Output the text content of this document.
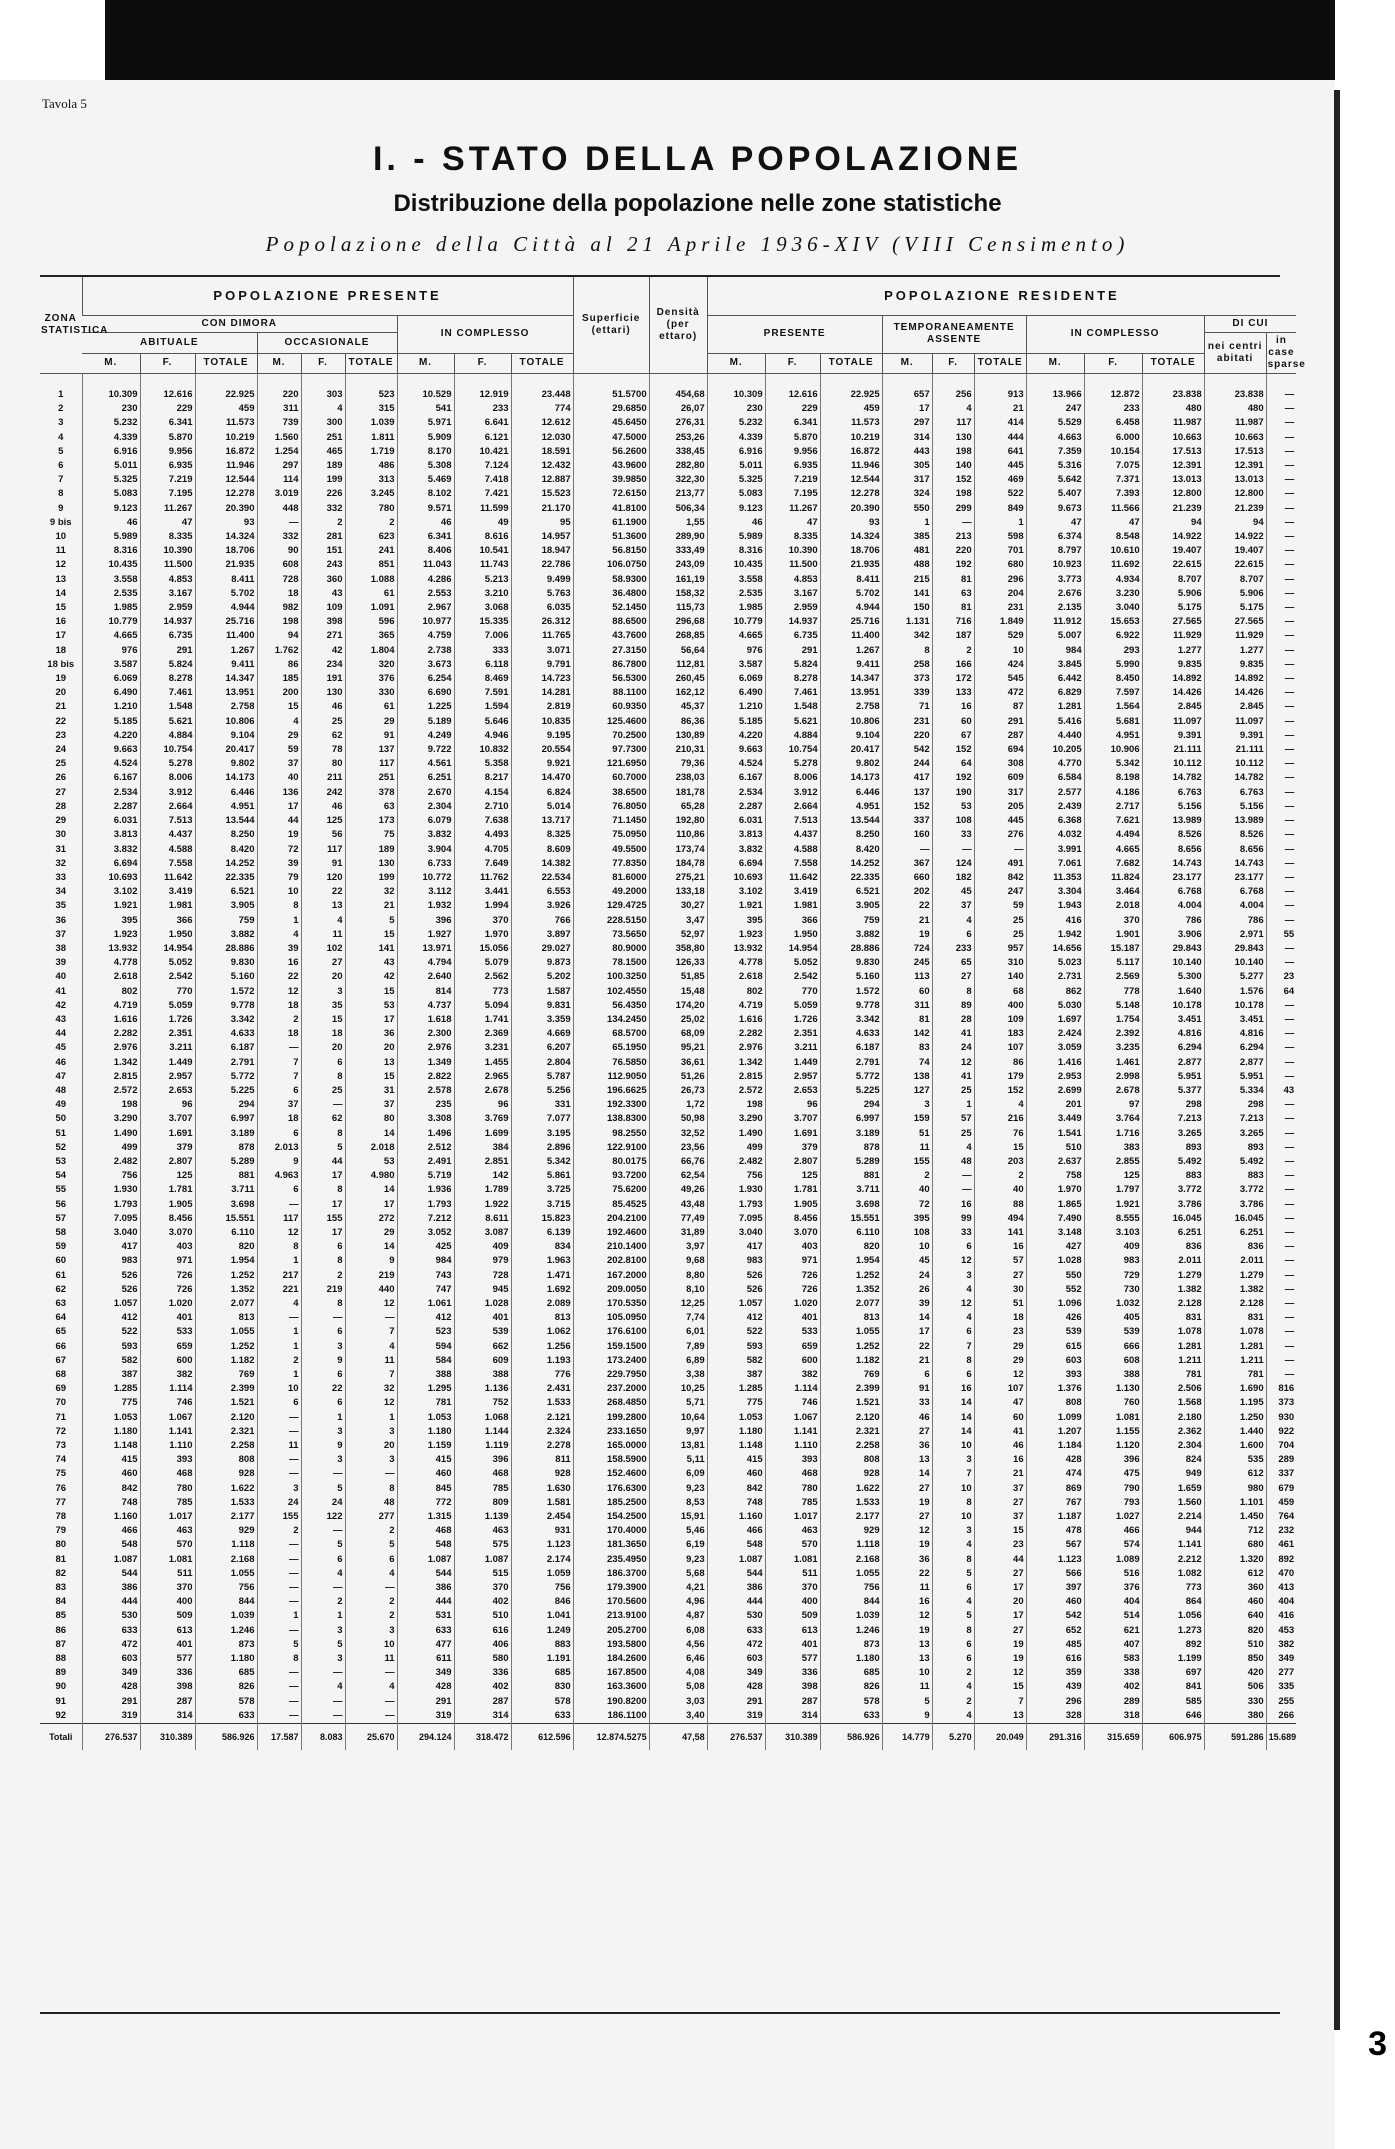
Tavola 5
I. - STATO DELLA POPOLAZIONE
Distribuzione della popolazione nelle zone statistiche
Popolazione della Città al 21 Aprile 1936-XIV (VIII Censimento)
ZONA STATISTICA	POPOLAZIONE PRESENTE									Superficie (ettari)	Densità (per ettaro)	POPOLAZIONE RESIDENTE										
	CON DIMORA						IN COMPLESSO					PRESENTE			TEMPORANEAMENTE ASSENTE			IN COMPLESSO			DI CUI	
	ABITUALE			OCCASIONALE																	nei centri abitati	in case sparse
	M.	F.	TOTALE	M.	F.	TOTALE	M.	F.	TOTALE			M.	F.	TOTALE	M.	F.	TOTALE	M.	F.	TOTALE		
1	10.309	12.616	22.925	220	303	523	10.529	12.919	23.448	51.5700	454,68	10.309	12.616	22.925	657	256	913	13.966	12.872	23.838	23.838	—
2	230	229	459	311	4	315	541	233	774	29.6850	26,07	230	229	459	17	4	21	247	233	480	480	—
3	5.232	6.341	11.573	739	300	1.039	5.971	6.641	12.612	45.6450	276,31	5.232	6.341	11.573	297	117	414	5.529	6.458	11.987	11.987	—
4	4.339	5.870	10.219	1.560	251	1.811	5.909	6.121	12.030	47.5000	253,26	4.339	5.870	10.219	314	130	444	4.663	6.000	10.663	10.663	—
5	6.916	9.956	16.872	1.254	465	1.719	8.170	10.421	18.591	56.2600	338,45	6.916	9.956	16.872	443	198	641	7.359	10.154	17.513	17.513	—
6	5.011	6.935	11.946	297	189	486	5.308	7.124	12.432	43.9600	282,80	5.011	6.935	11.946	305	140	445	5.316	7.075	12.391	12.391	—
7	5.325	7.219	12.544	114	199	313	5.469	7.418	12.887	39.9850	322,30	5.325	7.219	12.544	317	152	469	5.642	7.371	13.013	13.013	—
8	5.083	7.195	12.278	3.019	226	3.245	8.102	7.421	15.523	72.6150	213,77	5.083	7.195	12.278	324	198	522	5.407	7.393	12.800	12.800	—
9	9.123	11.267	20.390	448	332	780	9.571	11.599	21.170	41.8100	506,34	9.123	11.267	20.390	550	299	849	9.673	11.566	21.239	21.239	—
9 bis	46	47	93	—	2	2	46	49	95	61.1900	1,55	46	47	93	1	—	1	47	47	94	94	—
10	5.989	8.335	14.324	332	281	623	6.341	8.616	14.957	51.3600	289,90	5.989	8.335	14.324	385	213	598	6.374	8.548	14.922	14.922	—
11	8.316	10.390	18.706	90	151	241	8.406	10.541	18.947	56.8150	333,49	8.316	10.390	18.706	481	220	701	8.797	10.610	19.407	19.407	—
12	10.435	11.500	21.935	608	243	851	11.043	11.743	22.786	106.0750	243,09	10.435	11.500	21.935	488	192	680	10.923	11.692	22.615	22.615	—
13	3.558	4.853	8.411	728	360	1.088	4.286	5.213	9.499	58.9300	161,19	3.558	4.853	8.411	215	81	296	3.773	4.934	8.707	8.707	—
14	2.535	3.167	5.702	18	43	61	2.553	3.210	5.763	36.4800	158,32	2.535	3.167	5.702	141	63	204	2.676	3.230	5.906	5.906	—
15	1.985	2.959	4.944	982	109	1.091	2.967	3.068	6.035	52.1450	115,73	1.985	2.959	4.944	150	81	231	2.135	3.040	5.175	5.175	—
16	10.779	14.937	25.716	198	398	596	10.977	15.335	26.312	88.6500	296,68	10.779	14.937	25.716	1.131	716	1.849	11.912	15.653	27.565	27.565	—
17	4.665	6.735	11.400	94	271	365	4.759	7.006	11.765	43.7600	268,85	4.665	6.735	11.400	342	187	529	5.007	6.922	11.929	11.929	—
18	976	291	1.267	1.762	42	1.804	2.738	333	3.071	27.3150	56,64	976	291	1.267	8	2	10	984	293	1.277	1.277	—
18 bis	3.587	5.824	9.411	86	234	320	3.673	6.118	9.791	86.7800	112,81	3.587	5.824	9.411	258	166	424	3.845	5.990	9.835	9.835	—
19	6.069	8.278	14.347	185	191	376	6.254	8.469	14.723	56.5300	260,45	6.069	8.278	14.347	373	172	545	6.442	8.450	14.892	14.892	—
20	6.490	7.461	13.951	200	130	330	6.690	7.591	14.281	88.1100	162,12	6.490	7.461	13.951	339	133	472	6.829	7.597	14.426	14.426	—
21	1.210	1.548	2.758	15	46	61	1.225	1.594	2.819	60.9350	45,37	1.210	1.548	2.758	71	16	87	1.281	1.564	2.845	2.845	—
22	5.185	5.621	10.806	4	25	29	5.189	5.646	10.835	125.4600	86,36	5.185	5.621	10.806	231	60	291	5.416	5.681	11.097	11.097	—
23	4.220	4.884	9.104	29	62	91	4.249	4.946	9.195	70.2500	130,89	4.220	4.884	9.104	220	67	287	4.440	4.951	9.391	9.391	—
24	9.663	10.754	20.417	59	78	137	9.722	10.832	20.554	97.7300	210,31	9.663	10.754	20.417	542	152	694	10.205	10.906	21.111	21.111	—
25	4.524	5.278	9.802	37	80	117	4.561	5.358	9.921	121.6950	79,36	4.524	5.278	9.802	244	64	308	4.770	5.342	10.112	10.112	—
26	6.167	8.006	14.173	40	211	251	6.251	8.217	14.470	60.7000	238,03	6.167	8.006	14.173	417	192	609	6.584	8.198	14.782	14.782	—
27	2.534	3.912	6.446	136	242	378	2.670	4.154	6.824	38.6500	181,78	2.534	3.912	6.446	137	190	317	2.577	4.186	6.763	6.763	—
28	2.287	2.664	4.951	17	46	63	2.304	2.710	5.014	76.8050	65,28	2.287	2.664	4.951	152	53	205	2.439	2.717	5.156	5.156	—
29	6.031	7.513	13.544	44	125	173	6.079	7.638	13.717	71.1450	192,80	6.031	7.513	13.544	337	108	445	6.368	7.621	13.989	13.989	—
30	3.813	4.437	8.250	19	56	75	3.832	4.493	8.325	75.0950	110,86	3.813	4.437	8.250	160	33	276	4.032	4.494	8.526	8.526	—
31	3.832	4.588	8.420	72	117	189	3.904	4.705	8.609	49.5500	173,74	3.832	4.588	8.420	—	—	—	3.991	4.665	8.656	8.656	—
32	6.694	7.558	14.252	39	91	130	6.733	7.649	14.382	77.8350	184,78	6.694	7.558	14.252	367	124	491	7.061	7.682	14.743	14.743	—
33	10.693	11.642	22.335	79	120	199	10.772	11.762	22.534	81.6000	275,21	10.693	11.642	22.335	660	182	842	11.353	11.824	23.177	23.177	—
34	3.102	3.419	6.521	10	22	32	3.112	3.441	6.553	49.2000	133,18	3.102	3.419	6.521	202	45	247	3.304	3.464	6.768	6.768	—
35	1.921	1.981	3.905	8	13	21	1.932	1.994	3.926	129.4725	30,27	1.921	1.981	3.905	22	37	59	1.943	2.018	4.004	4.004	—
36	395	366	759	1	4	5	396	370	766	228.5150	3,47	395	366	759	21	4	25	416	370	786	786	—
37	1.923	1.950	3.882	4	11	15	1.927	1.970	3.897	73.5650	52,97	1.923	1.950	3.882	19	6	25	1.942	1.901	3.906	2.971	55
38	13.932	14.954	28.886	39	102	141	13.971	15.056	29.027	80.9000	358,80	13.932	14.954	28.886	724	233	957	14.656	15.187	29.843	29.843	—
39	4.778	5.052	9.830	16	27	43	4.794	5.079	9.873	78.1500	126,33	4.778	5.052	9.830	245	65	310	5.023	5.117	10.140	10.140	—
40	2.618	2.542	5.160	22	20	42	2.640	2.562	5.202	100.3250	51,85	2.618	2.542	5.160	113	27	140	2.731	2.569	5.300	5.277	23
41	802	770	1.572	12	3	15	814	773	1.587	102.4550	15,48	802	770	1.572	60	8	68	862	778	1.640	1.576	64
42	4.719	5.059	9.778	18	35	53	4.737	5.094	9.831	56.4350	174,20	4.719	5.059	9.778	311	89	400	5.030	5.148	10.178	10.178	—
43	1.616	1.726	3.342	2	15	17	1.618	1.741	3.359	134.2450	25,02	1.616	1.726	3.342	81	28	109	1.697	1.754	3.451	3.451	—
44	2.282	2.351	4.633	18	18	36	2.300	2.369	4.669	68.5700	68,09	2.282	2.351	4.633	142	41	183	2.424	2.392	4.816	4.816	—
45	2.976	3.211	6.187	—	20	20	2.976	3.231	6.207	65.1950	95,21	2.976	3.211	6.187	83	24	107	3.059	3.235	6.294	6.294	—
46	1.342	1.449	2.791	7	6	13	1.349	1.455	2.804	76.5850	36,61	1.342	1.449	2.791	74	12	86	1.416	1.461	2.877	2.877	—
47	2.815	2.957	5.772	7	8	15	2.822	2.965	5.787	112.9050	51,26	2.815	2.957	5.772	138	41	179	2.953	2.998	5.951	5.951	—
48	2.572	2.653	5.225	6	25	31	2.578	2.678	5.256	196.6625	26,73	2.572	2.653	5.225	127	25	152	2.699	2.678	5.377	5.334	43
49	198	96	294	37	—	37	235	96	331	192.3300	1,72	198	96	294	3	1	4	201	97	298	298	—
50	3.290	3.707	6.997	18	62	80	3.308	3.769	7.077	138.8300	50,98	3.290	3.707	6.997	159	57	216	3.449	3.764	7.213	7.213	—
51	1.490	1.691	3.189	6	8	14	1.496	1.699	3.195	98.2550	32,52	1.490	1.691	3.189	51	25	76	1.541	1.716	3.265	3.265	—
52	499	379	878	2.013	5	2.018	2.512	384	2.896	122.9100	23,56	499	379	878	11	4	15	510	383	893	893	—
53	2.482	2.807	5.289	9	44	53	2.491	2.851	5.342	80.0175	66,76	2.482	2.807	5.289	155	48	203	2.637	2.855	5.492	5.492	—
54	756	125	881	4.963	17	4.980	5.719	142	5.861	93.7200	62,54	756	125	881	2	—	2	758	125	883	883	—
55	1.930	1.781	3.711	6	8	14	1.936	1.789	3.725	75.6200	49,26	1.930	1.781	3.711	40	—	40	1.970	1.797	3.772	3.772	—
56	1.793	1.905	3.698	—	17	17	1.793	1.922	3.715	85.4525	43,48	1.793	1.905	3.698	72	16	88	1.865	1.921	3.786	3.786	—
57	7.095	8.456	15.551	117	155	272	7.212	8.611	15.823	204.2100	77,49	7.095	8.456	15.551	395	99	494	7.490	8.555	16.045	16.045	—
58	3.040	3.070	6.110	12	17	29	3.052	3.087	6.139	192.4600	31,89	3.040	3.070	6.110	108	33	141	3.148	3.103	6.251	6.251	—
59	417	403	820	8	6	14	425	409	834	210.1400	3,97	417	403	820	10	6	16	427	409	836	836	—
60	983	971	1.954	1	8	9	984	979	1.963	202.8100	9,68	983	971	1.954	45	12	57	1.028	983	2.011	2.011	—
61	526	726	1.252	217	2	219	743	728	1.471	167.2000	8,80	526	726	1.252	24	3	27	550	729	1.279	1.279	—
62	526	726	1.352	221	219	440	747	945	1.692	209.0050	8,10	526	726	1.352	26	4	30	552	730	1.382	1.382	—
63	1.057	1.020	2.077	4	8	12	1.061	1.028	2.089	170.5350	12,25	1.057	1.020	2.077	39	12	51	1.096	1.032	2.128	2.128	—
64	412	401	813	—	—	—	412	401	813	105.0950	7,74	412	401	813	14	4	18	426	405	831	831	—
65	522	533	1.055	1	6	7	523	539	1.062	176.6100	6,01	522	533	1.055	17	6	23	539	539	1.078	1.078	—
66	593	659	1.252	1	3	4	594	662	1.256	159.1500	7,89	593	659	1.252	22	7	29	615	666	1.281	1.281	—
67	582	600	1.182	2	9	11	584	609	1.193	173.2400	6,89	582	600	1.182	21	8	29	603	608	1.211	1.211	—
68	387	382	769	1	6	7	388	388	776	229.7950	3,38	387	382	769	6	6	12	393	388	781	781	—
69	1.285	1.114	2.399	10	22	32	1.295	1.136	2.431	237.2000	10,25	1.285	1.114	2.399	91	16	107	1.376	1.130	2.506	1.690	816
70	775	746	1.521	6	6	12	781	752	1.533	268.4850	5,71	775	746	1.521	33	14	47	808	760	1.568	1.195	373
71	1.053	1.067	2.120	—	1	1	1.053	1.068	2.121	199.2800	10,64	1.053	1.067	2.120	46	14	60	1.099	1.081	2.180	1.250	930
72	1.180	1.141	2.321	—	3	3	1.180	1.144	2.324	233.1650	9,97	1.180	1.141	2.321	27	14	41	1.207	1.155	2.362	1.440	922
73	1.148	1.110	2.258	11	9	20	1.159	1.119	2.278	165.0000	13,81	1.148	1.110	2.258	36	10	46	1.184	1.120	2.304	1.600	704
74	415	393	808	—	3	3	415	396	811	158.5900	5,11	415	393	808	13	3	16	428	396	824	535	289
75	460	468	928	—	—	—	460	468	928	152.4600	6,09	460	468	928	14	7	21	474	475	949	612	337
76	842	780	1.622	3	5	8	845	785	1.630	176.6300	9,23	842	780	1.622	27	10	37	869	790	1.659	980	679
77	748	785	1.533	24	24	48	772	809	1.581	185.2500	8,53	748	785	1.533	19	8	27	767	793	1.560	1.101	459
78	1.160	1.017	2.177	155	122	277	1.315	1.139	2.454	154.2500	15,91	1.160	1.017	2.177	27	10	37	1.187	1.027	2.214	1.450	764
79	466	463	929	2	—	2	468	463	931	170.4000	5,46	466	463	929	12	3	15	478	466	944	712	232
80	548	570	1.118	—	5	5	548	575	1.123	181.3650	6,19	548	570	1.118	19	4	23	567	574	1.141	680	461
81	1.087	1.081	2.168	—	6	6	1.087	1.087	2.174	235.4950	9,23	1.087	1.081	2.168	36	8	44	1.123	1.089	2.212	1.320	892
82	544	511	1.055	—	4	4	544	515	1.059	186.3700	5,68	544	511	1.055	22	5	27	566	516	1.082	612	470
83	386	370	756	—	—	—	386	370	756	179.3900	4,21	386	370	756	11	6	17	397	376	773	360	413
84	444	400	844	—	2	2	444	402	846	170.5600	4,96	444	400	844	16	4	20	460	404	864	460	404
85	530	509	1.039	1	1	2	531	510	1.041	213.9100	4,87	530	509	1.039	12	5	17	542	514	1.056	640	416
86	633	613	1.246	—	3	3	633	616	1.249	205.2700	6,08	633	613	1.246	19	8	27	652	621	1.273	820	453
87	472	401	873	5	5	10	477	406	883	193.5800	4,56	472	401	873	13	6	19	485	407	892	510	382
88	603	577	1.180	8	3	11	611	580	1.191	184.2600	6,46	603	577	1.180	13	6	19	616	583	1.199	850	349
89	349	336	685	—	—	—	349	336	685	167.8500	4,08	349	336	685	10	2	12	359	338	697	420	277
90	428	398	826	—	4	4	428	402	830	163.3600	5,08	428	398	826	11	4	15	439	402	841	506	335
91	291	287	578	—	—	—	291	287	578	190.8200	3,03	291	287	578	5	2	7	296	289	585	330	255
92	319	314	633	—	—	—	319	314	633	186.1100	3,40	319	314	633	9	4	13	328	318	646	380	266
Totali	276.537	310.389	586.926	17.587	8.083	25.670	294.124	318.472	612.596	12.874.5275	47,58	276.537	310.389	586.926	14.779	5.270	20.049	291.316	315.659	606.975	591.286	15.689
3
